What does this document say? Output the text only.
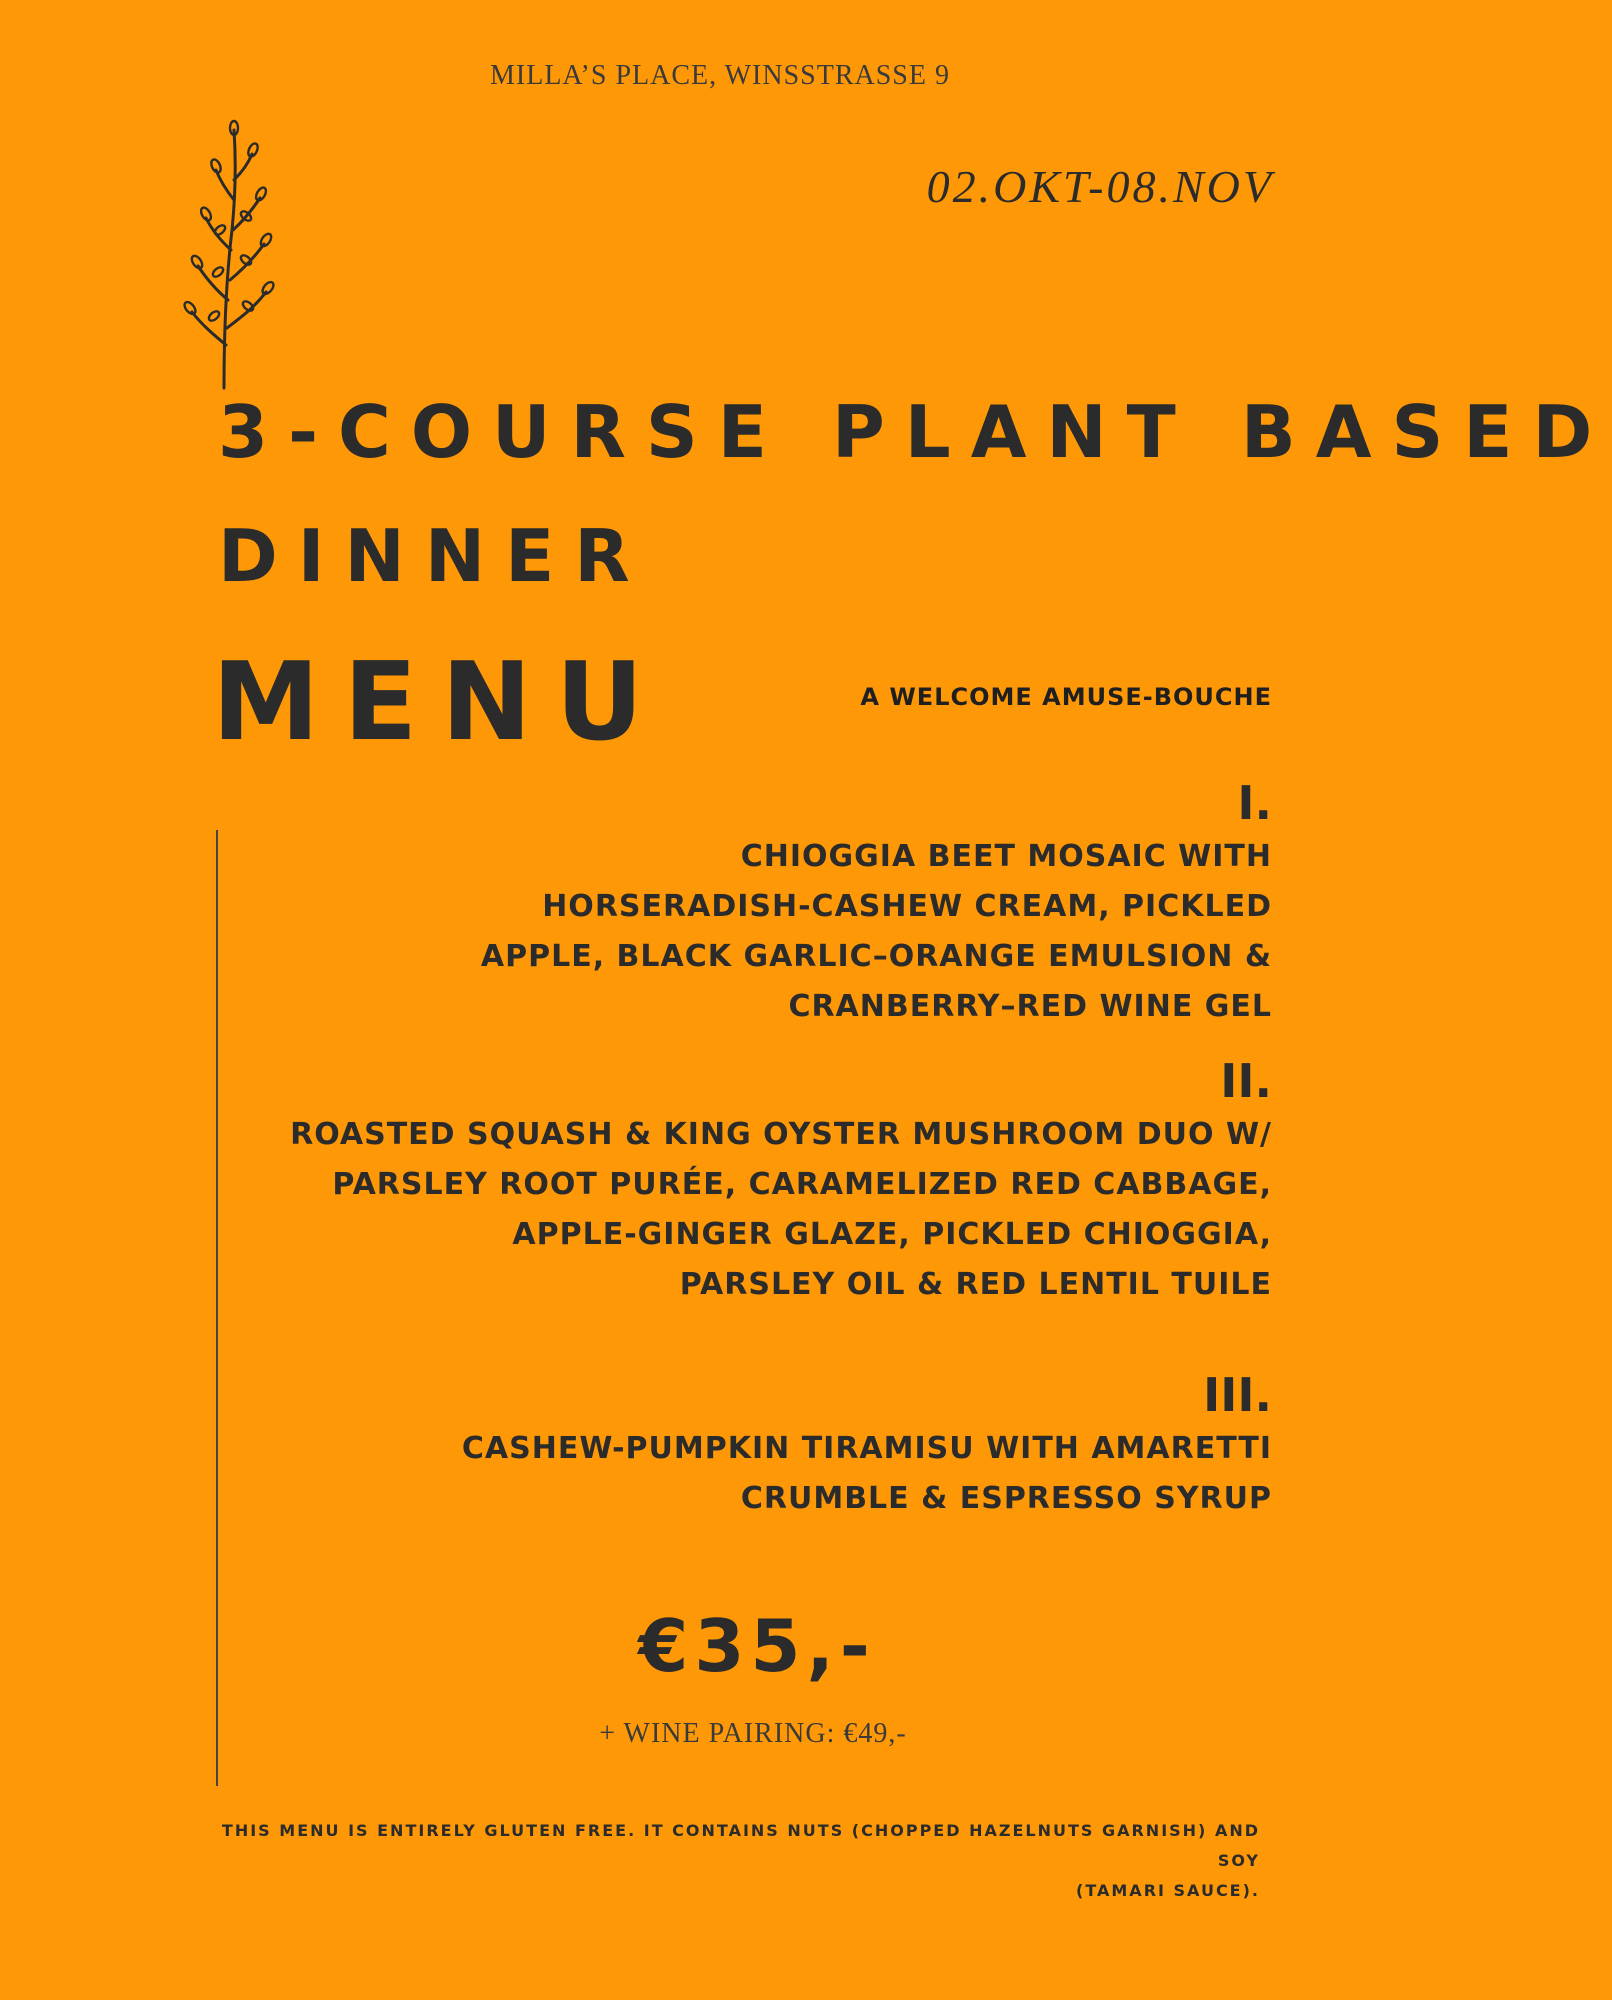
MILLA’S PLACE, WINSSTRASSE 9
02.OKT-08.NOV
3-COURSE PLANT BASED
DINNER
MENU	A WELCOME AMUSE-BOUCHE
I.
CHIOGGIA BEET MOSAIC WITH
HORSERADISH-CASHEW CREAM, PICKLED
APPLE, BLACK GARLIC–ORANGE EMULSION &
CRANBERRY–RED WINE GEL
II.
ROASTED SQUASH & KING OYSTER MUSHROOM DUO W/
PARSLEY ROOT PURÉE, CARAMELIZED RED CABBAGE,
APPLE-GINGER GLAZE, PICKLED CHIOGGIA,
PARSLEY OIL & RED LENTIL TUILE
III.
CASHEW-PUMPKIN TIRAMISU WITH AMARETTI
CRUMBLE & ESPRESSO SYRUP
€35,-
+ WINE PAIRING: €49,-
THIS MENU IS ENTIRELY GLUTEN FREE. IT CONTAINS NUTS (CHOPPED HAZELNUTS GARNISH) AND SOY
(TAMARI SAUCE).
